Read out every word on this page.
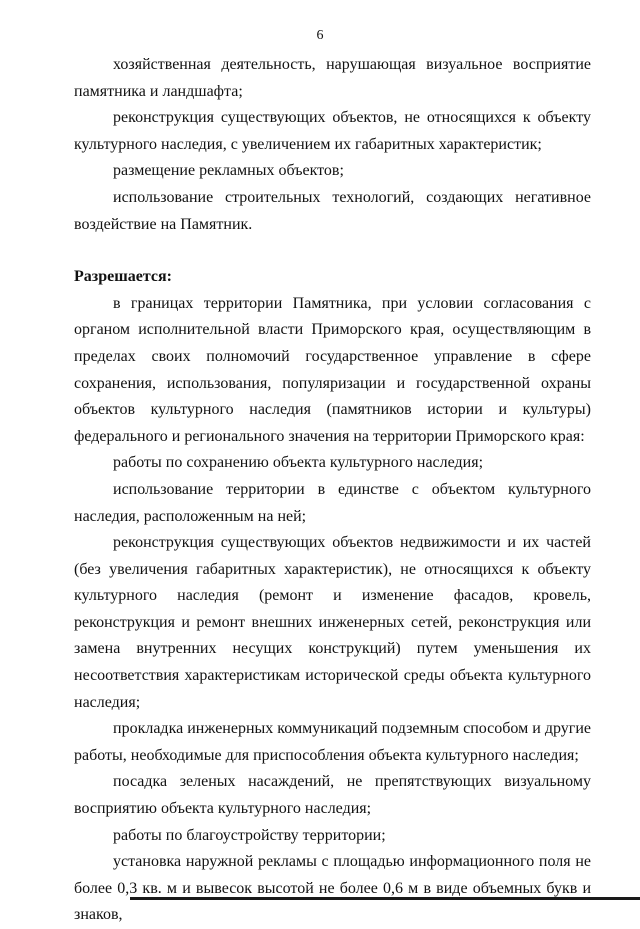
6

хозяйственная деятельность, нарушающая визуальное восприятие памятника и ландшафта;

реконструкция существующих объектов, не относящихся к объекту культурного наследия, с увеличением их габаритных характеристик;

размещение рекламных объектов;

использование строительных технологий, создающих негативное воздействие на Памятник.

Разрешается:

в границах территории Памятника, при условии согласования с органом исполнительной власти Приморского края, осуществляющим в пределах своих полномочий государственное управление в сфере сохранения, использования, популяризации и государственной охраны объектов культурного наследия (памятников истории и культуры) федерального и регионального значения на территории Приморского края:

работы по сохранению объекта культурного наследия;

использование территории в единстве с объектом культурного наследия, расположенным на ней;

реконструкция существующих объектов недвижимости и их частей (без увеличения габаритных характеристик), не относящихся к объекту культурного наследия (ремонт и изменение фасадов, кровель, реконструкция и ремонт внешних инженерных сетей, реконструкция или замена внутренних несущих конструкций) путем уменьшения их несоответствия характеристикам исторической среды объекта культурного наследия;

прокладка инженерных коммуникаций подземным способом и другие работы, необходимые для приспособления объекта культурного наследия;

посадка зеленых насаждений, не препятствующих визуальному восприятию объекта культурного наследия;

работы по благоустройству территории;

установка наружной рекламы с площадью информационного поля не более 0,3 кв. м и вывесок высотой не более 0,6 м в виде объемных букв и знаков,
